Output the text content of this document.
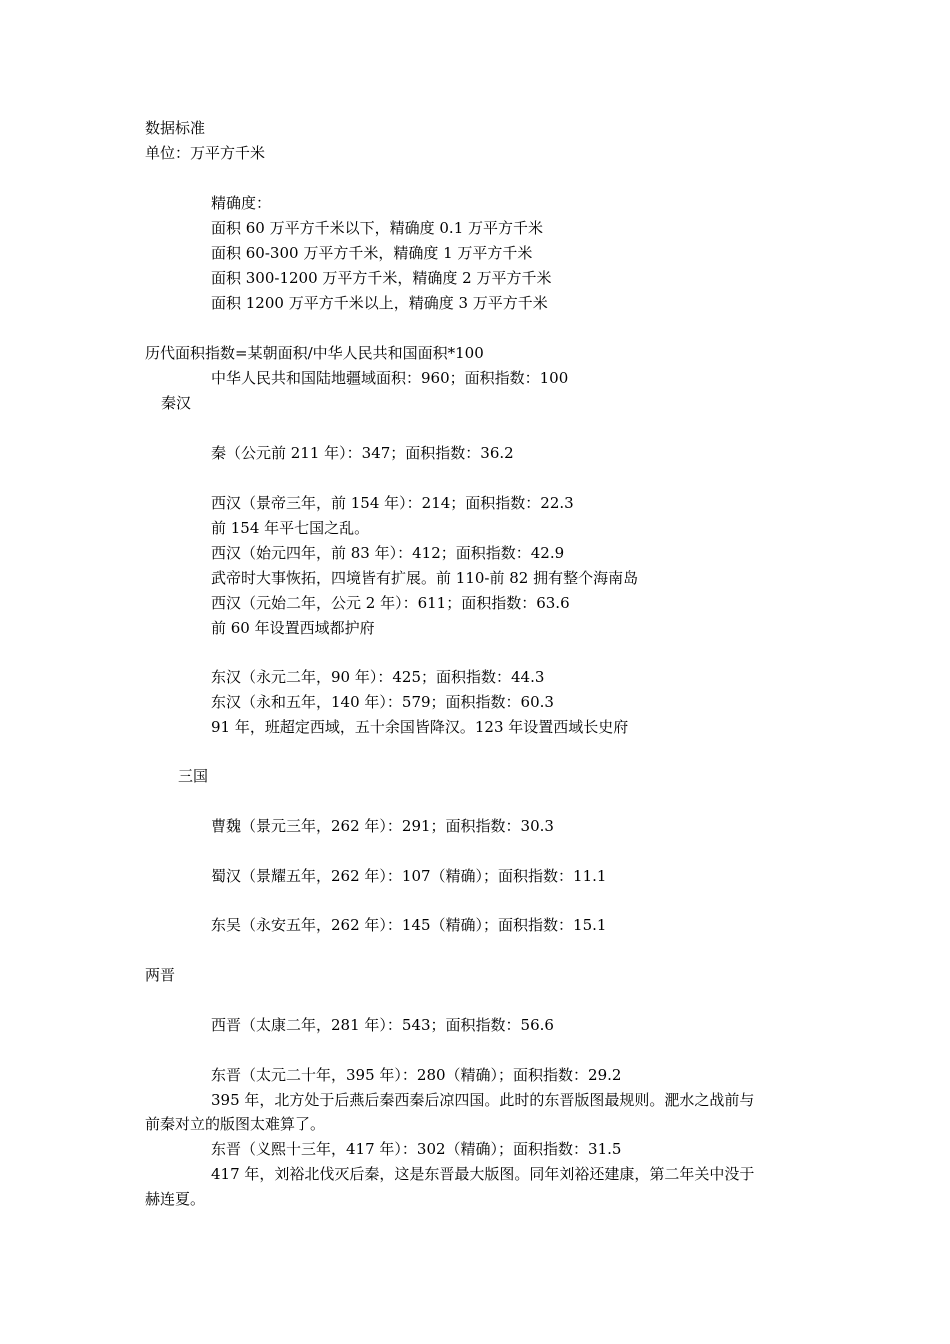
数据标准
单位：万平方千米
精确度：
面积 60 万平方千米以下，精确度 0.1 万平方千米
面积 60-300 万平方千米，精确度 1 万平方千米
面积 300-1200 万平方千米，精确度 2 万平方千米
面积 1200 万平方千米以上，精确度 3 万平方千米
历代面积指数=某朝面积/中华人民共和国面积*100
中华人民共和国陆地疆域面积：960；面积指数：100
秦汉
秦（公元前 211 年）：347；面积指数：36.2
西汉（景帝三年，前 154 年）：214；面积指数：22.3
前 154 年平七国之乱。
西汉（始元四年，前 83 年）：412；面积指数：42.9
武帝时大事恢拓，四境皆有扩展。前 110-前 82 拥有整个海南岛
西汉（元始二年，公元 2 年）：611；面积指数：63.6
前 60 年设置西域都护府
东汉（永元二年，90 年）：425；面积指数：44.3
东汉（永和五年，140 年）：579；面积指数：60.3
91 年，班超定西域，五十余国皆降汉。123 年设置西域长史府
三国
曹魏（景元三年，262 年）：291；面积指数：30.3
蜀汉（景耀五年，262 年）：107（精确）；面积指数：11.1
东吴（永安五年，262 年）：145（精确）；面积指数：15.1
两晋
西晋（太康二年，281 年）：543；面积指数：56.6
东晋（太元二十年，395 年）：280（精确）；面积指数：29.2
395 年，北方处于后燕后秦西秦后凉四国。此时的东晋版图最规则。淝水之战前与
前秦对立的版图太难算了。
东晋（义熙十三年，417 年）：302（精确）；面积指数：31.5
417 年，刘裕北伐灭后秦，这是东晋最大版图。同年刘裕还建康，第二年关中没于
赫连夏。
